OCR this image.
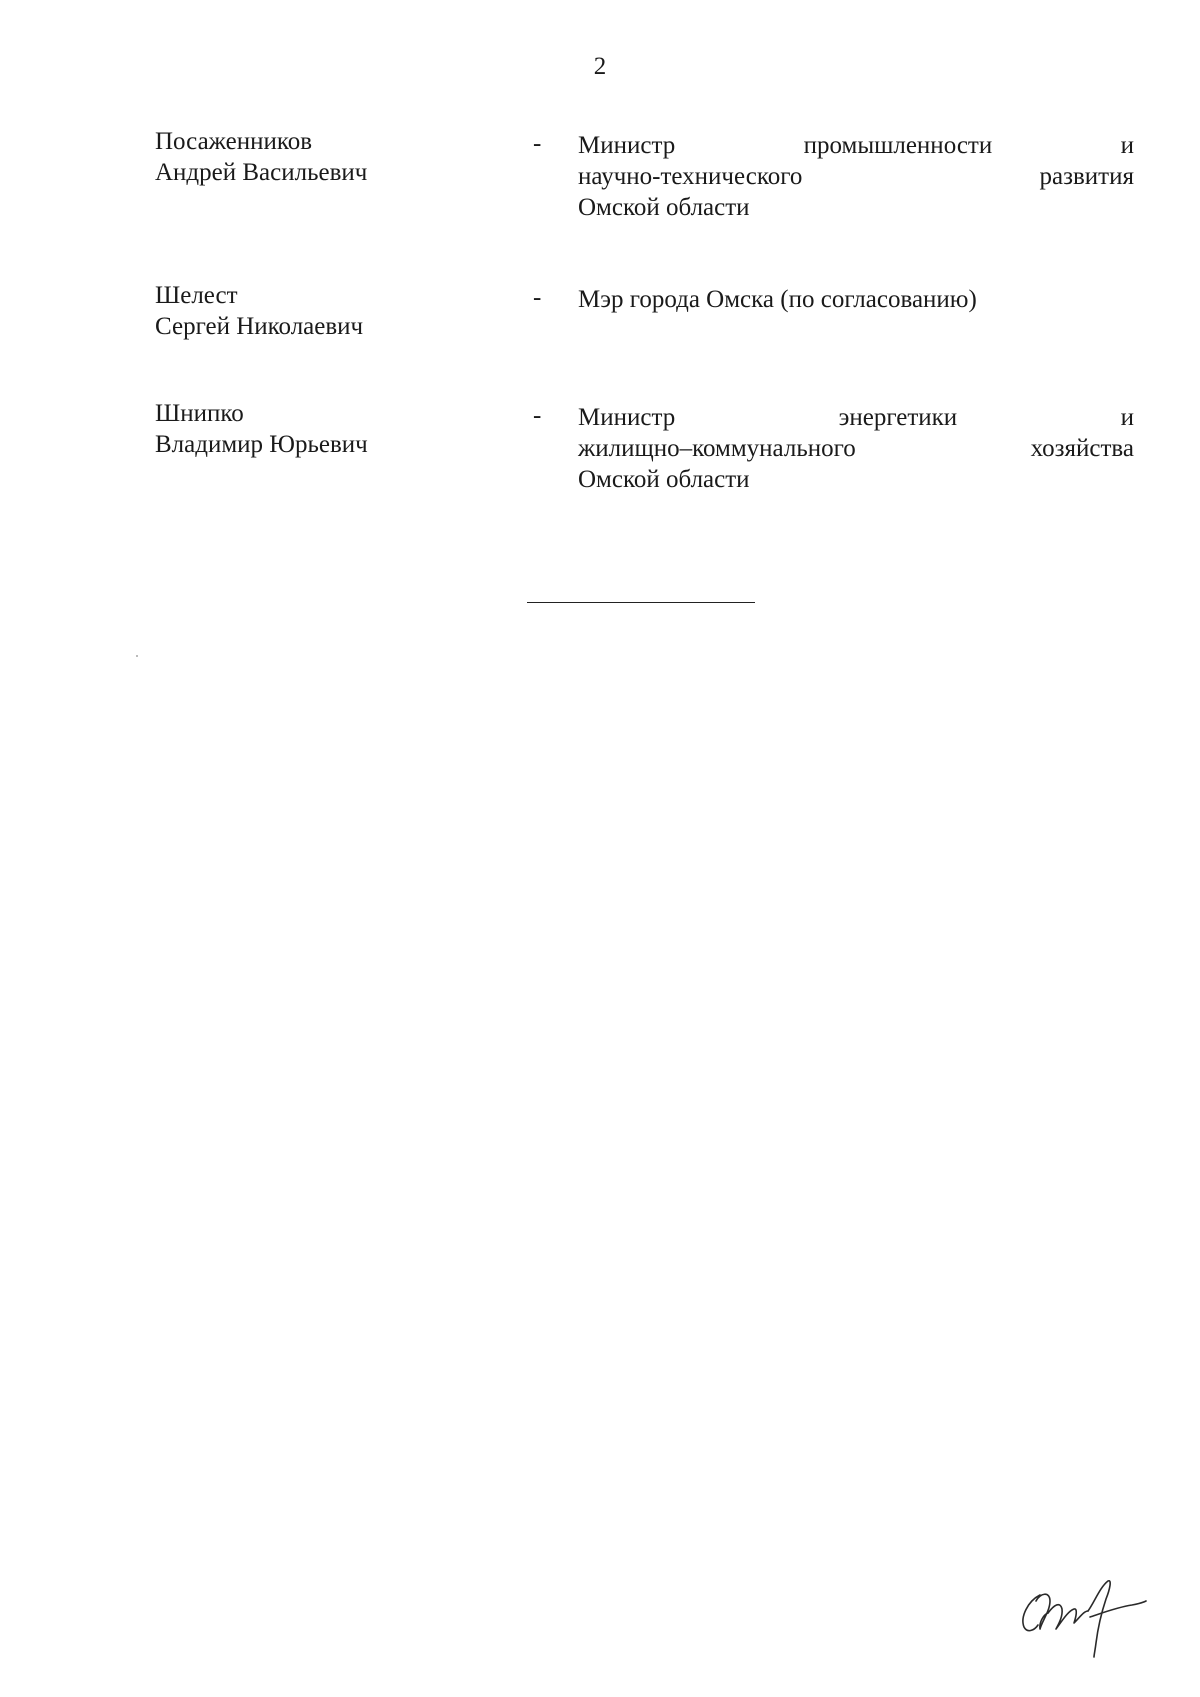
2
Посаженников
Андрей Васильевич
- Министр промышленности и
научно-технического развития
Омской области
Шелест
Сергей Николаевич
- Мэр города Омска (по согласованию)
Шнипко
Владимир Юрьевич
- Министр энергетики и
жилищно–коммунального хозяйства
Омской области
